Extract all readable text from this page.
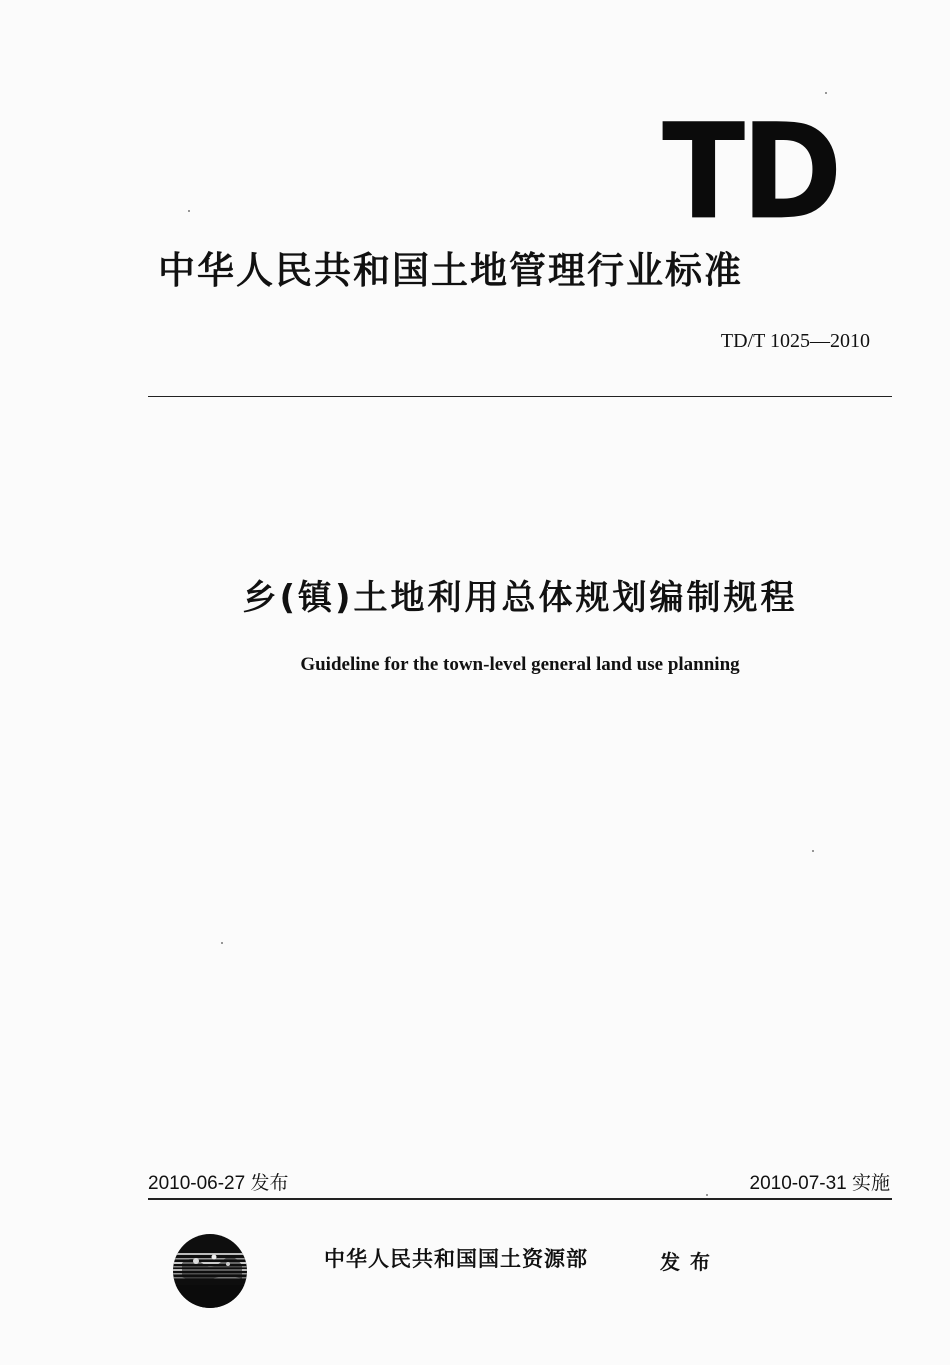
TD
中华人民共和国土地管理行业标准
TD/T 1025—2010
乡(镇)土地利用总体规划编制规程
Guideline for the town-level general land use planning
2010-06-27 发布	2010-07-31 实施
中华人民共和国国土资源部	发布
